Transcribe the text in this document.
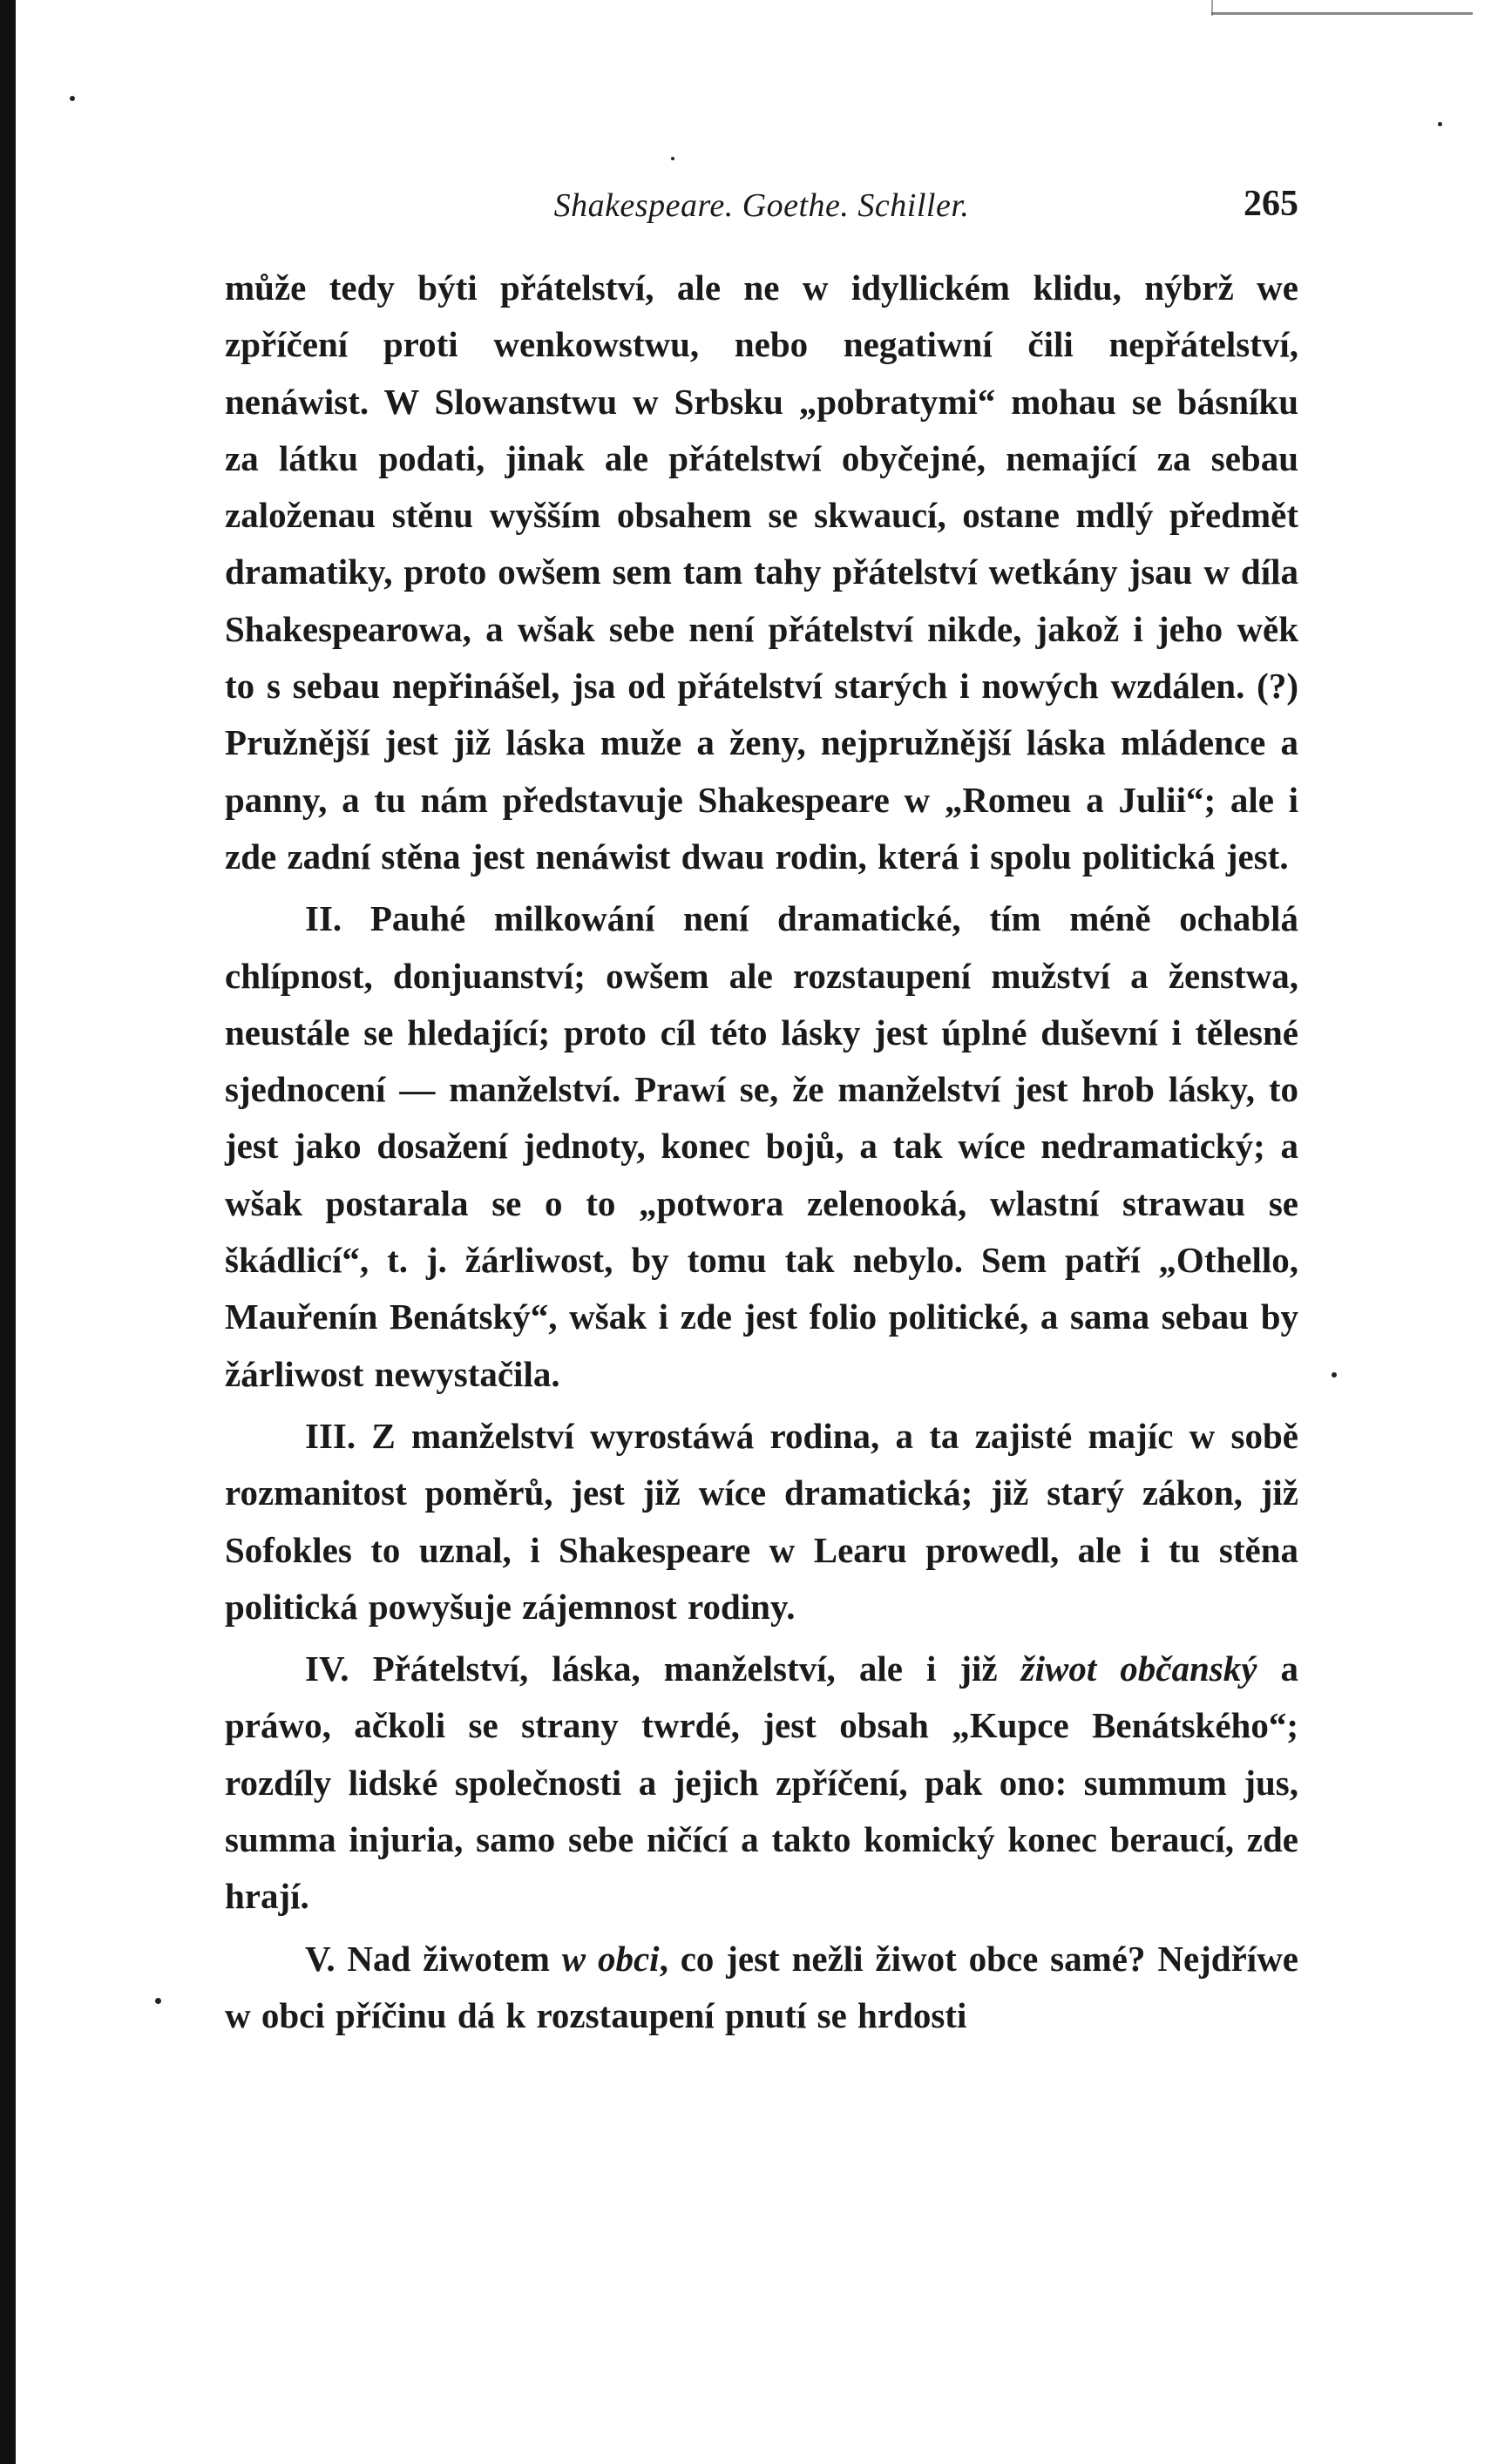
Shakespeare. Goethe. Schiller.	265

může tedy býti přátelství, ale ne w idyllickém klidu, nýbrž we zpříčení proti wenkowstwu, nebo negatiwní čili nepřátelství, nenáwist. W Slowanstwu w Srbsku „pobratymi“ mohau se básníku za látku podati, jinak ale přátelstwí obyčejné, nemající za sebau založenau stěnu wyšším obsahem se skwaucí, ostane mdlý předmět dramatiky, proto owšem sem tam tahy přátelství wetkány jsau w díla Shakespearowa, a wšak sebe není přátelství nikde, jakož i jeho wěk to s sebau nepřinášel, jsa od přátelství starých i nowých wzdálen. (?) Pružnější jest již láska muže a ženy, nejpružnější láska mládence a panny, a tu nám představuje Shakespeare w „Romeu a Julii“; ale i zde zadní stěna jest nenáwist dwau rodin, která i spolu politická jest.

II. Pauhé milkowání není dramatické, tím méně ochablá chlípnost, donjuanství; owšem ale rozstaupení mužství a ženstwa, neustále se hledající; proto cíl této lásky jest úplné duševní i tělesné sjednocení — manželství. Prawí se, že manželství jest hrob lásky, to jest jako dosažení jednoty, konec bojů, a tak wíce nedramatický; a wšak postarala se o to „potwora zelenooká, wlastní strawau se škádlicí“, t. j. žárliwost, by tomu tak nebylo. Sem patří „Othello, Mauřenín Benátský“, wšak i zde jest folio politické, a sama sebau by žárliwost newystačila.

III. Z manželství wyrostáwá rodina, a ta zajisté majíc w sobě rozmanitost poměrů, jest již wíce dramatická; již starý zákon, již Sofokles to uznal, i Shakespeare w Learu prowedl, ale i tu stěna politická powyšuje zájemnost rodiny.

IV. Přátelství, láska, manželství, ale i již žiwot občanský a práwo, ačkoli se strany twrdé, jest obsah „Kupce Benátského“; rozdíly lidské společnosti a jejich zpříčení, pak ono: summum jus, summa injuria, samo sebe ničící a takto komický konec beraucí, zde hrají.

V. Nad žiwotem w obci, co jest nežli žiwot obce samé? Nejdříwe w obci příčinu dá k rozstaupení pnutí se hrdosti
